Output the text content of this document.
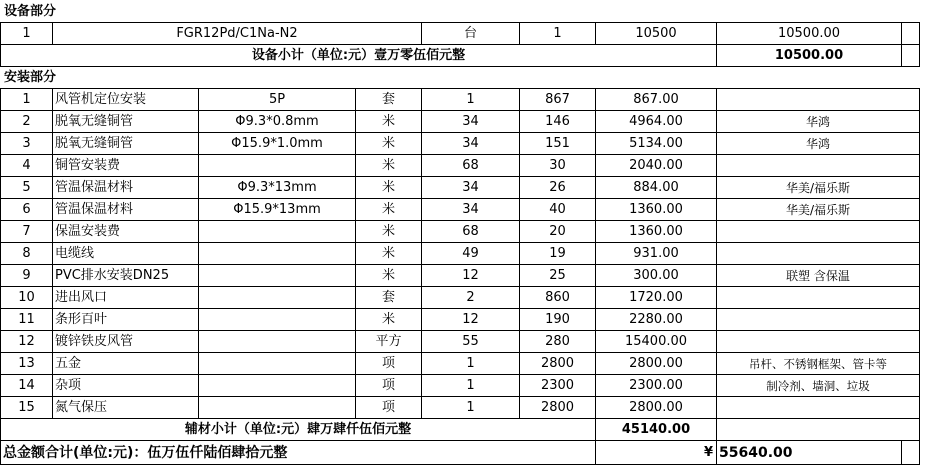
设备部分								
1	FGR12Pd/C1Na-N2			台	1	10500	10500.00	
设备小计（单位:元）壹万零伍佰元整							10500.00	
安装部分								
1	风管机定位安装	5P	套	1	867	867.00		
2	脱氧无缝铜管	Φ9.3*0.8mm	米	34	146	4964.00	华鸿	
3	脱氧无缝铜管	Φ15.9*1.0mm	米	34	151	5134.00	华鸿	
4	铜管安装费		米	68	30	2040.00		
5	管温保温材料	Φ9.3*13mm	米	34	26	884.00	华美/福乐斯	
6	管温保温材料	Φ15.9*13mm	米	34	40	1360.00	华美/福乐斯	
7	保温安装费		米	68	20	1360.00		
8	电缆线		米	49	19	931.00		
9	PVC排水安装DN25		米	12	25	300.00	联塑 含保温	
10	进出风口		套	2	860	1720.00		
11	条形百叶		米	12	190	2280.00		
12	镀锌铁皮风管		平方	55	280	15400.00		
13	五金		项	1	2800	2800.00	吊杆、不锈钢框架、管卡等	
14	杂项		项	1	2300	2300.00	制冷剂、墙洞、垃圾	
15	氮气保压		项	1	2800	2800.00		
辅材小计（单位:元）肆万肆仟伍佰元整						45140.00		
总金额合计(单位:元)：伍万伍仟陆佰肆拾元整						¥	55640.00	
